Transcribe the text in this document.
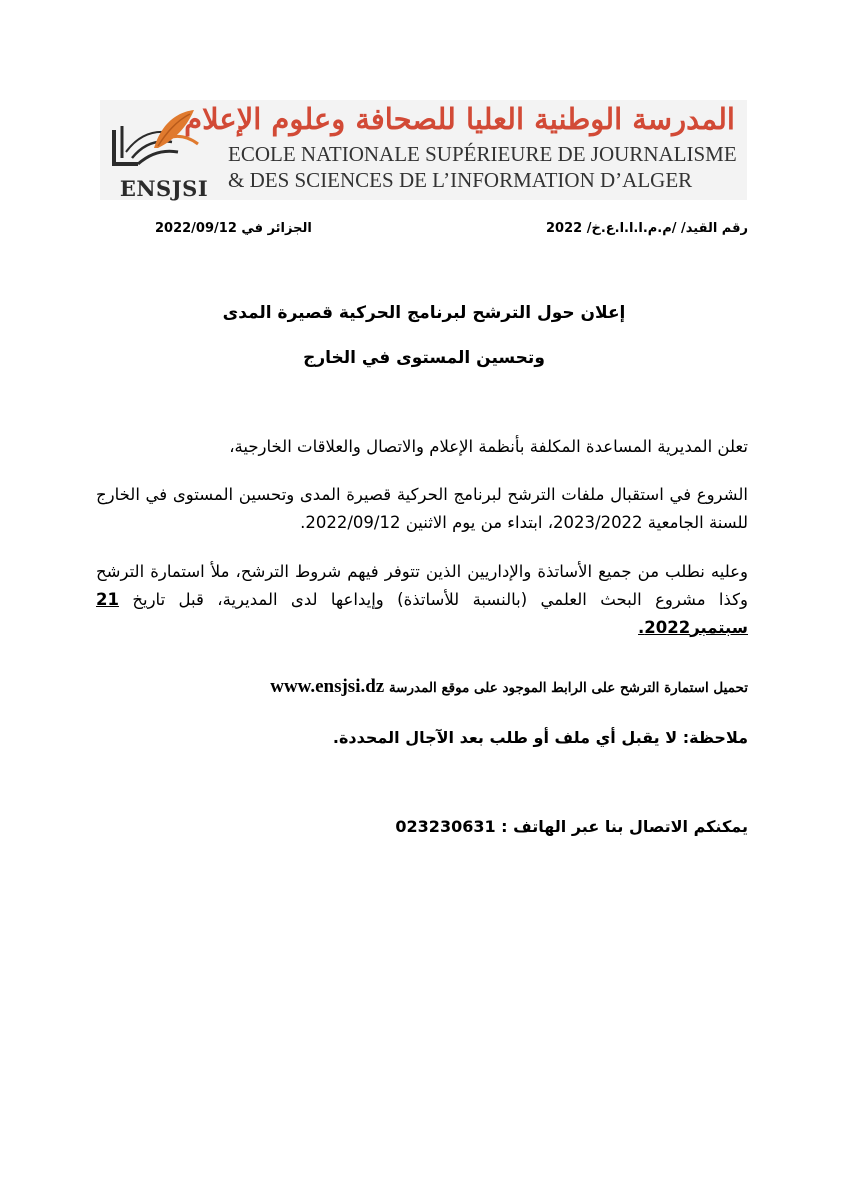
ENSJSI
المدرسة الوطنية العليا للصحافة وعلوم الإعلام
ECOLE NATIONALE SUPÉRIEURE DE JOURNALISME
& DES SCIENCES DE L’INFORMATION D’ALGER
رقم القيد/ /م.م.ا.ا.ا.ع.خ/ 2022
الجزائر في 2022/09/12
إعلان حول الترشح لبرنامج الحركية قصيرة المدى
وتحسين المستوى في الخارج
تعلن المديرية المساعدة المكلفة بأنظمة الإعلام والاتصال والعلاقات الخارجية،
الشروع في استقبال ملفات الترشح لبرنامج الحركية قصيرة المدى وتحسين المستوى في الخارج للسنة الجامعية 2023/2022، ابتداء من يوم الاثنين 2022/09/12.
وعليه نطلب من جميع الأساتذة والإداريين الذين تتوفر فيهم شروط الترشح، ملأ استمارة الترشح وكذا مشروع البحث العلمي (بالنسبة للأساتذة) وإيداعها لدى المديرية، قبل تاريخ 21 سبتمبر2022.
تحميل استمارة الترشح على الرابط الموجود على موقع المدرسة www.ensjsi.dz
ملاحظة: لا يقبل أي ملف أو طلب بعد الآجال المحددة.
يمكنكم الاتصال بنا عبر الهاتف : 023230631
